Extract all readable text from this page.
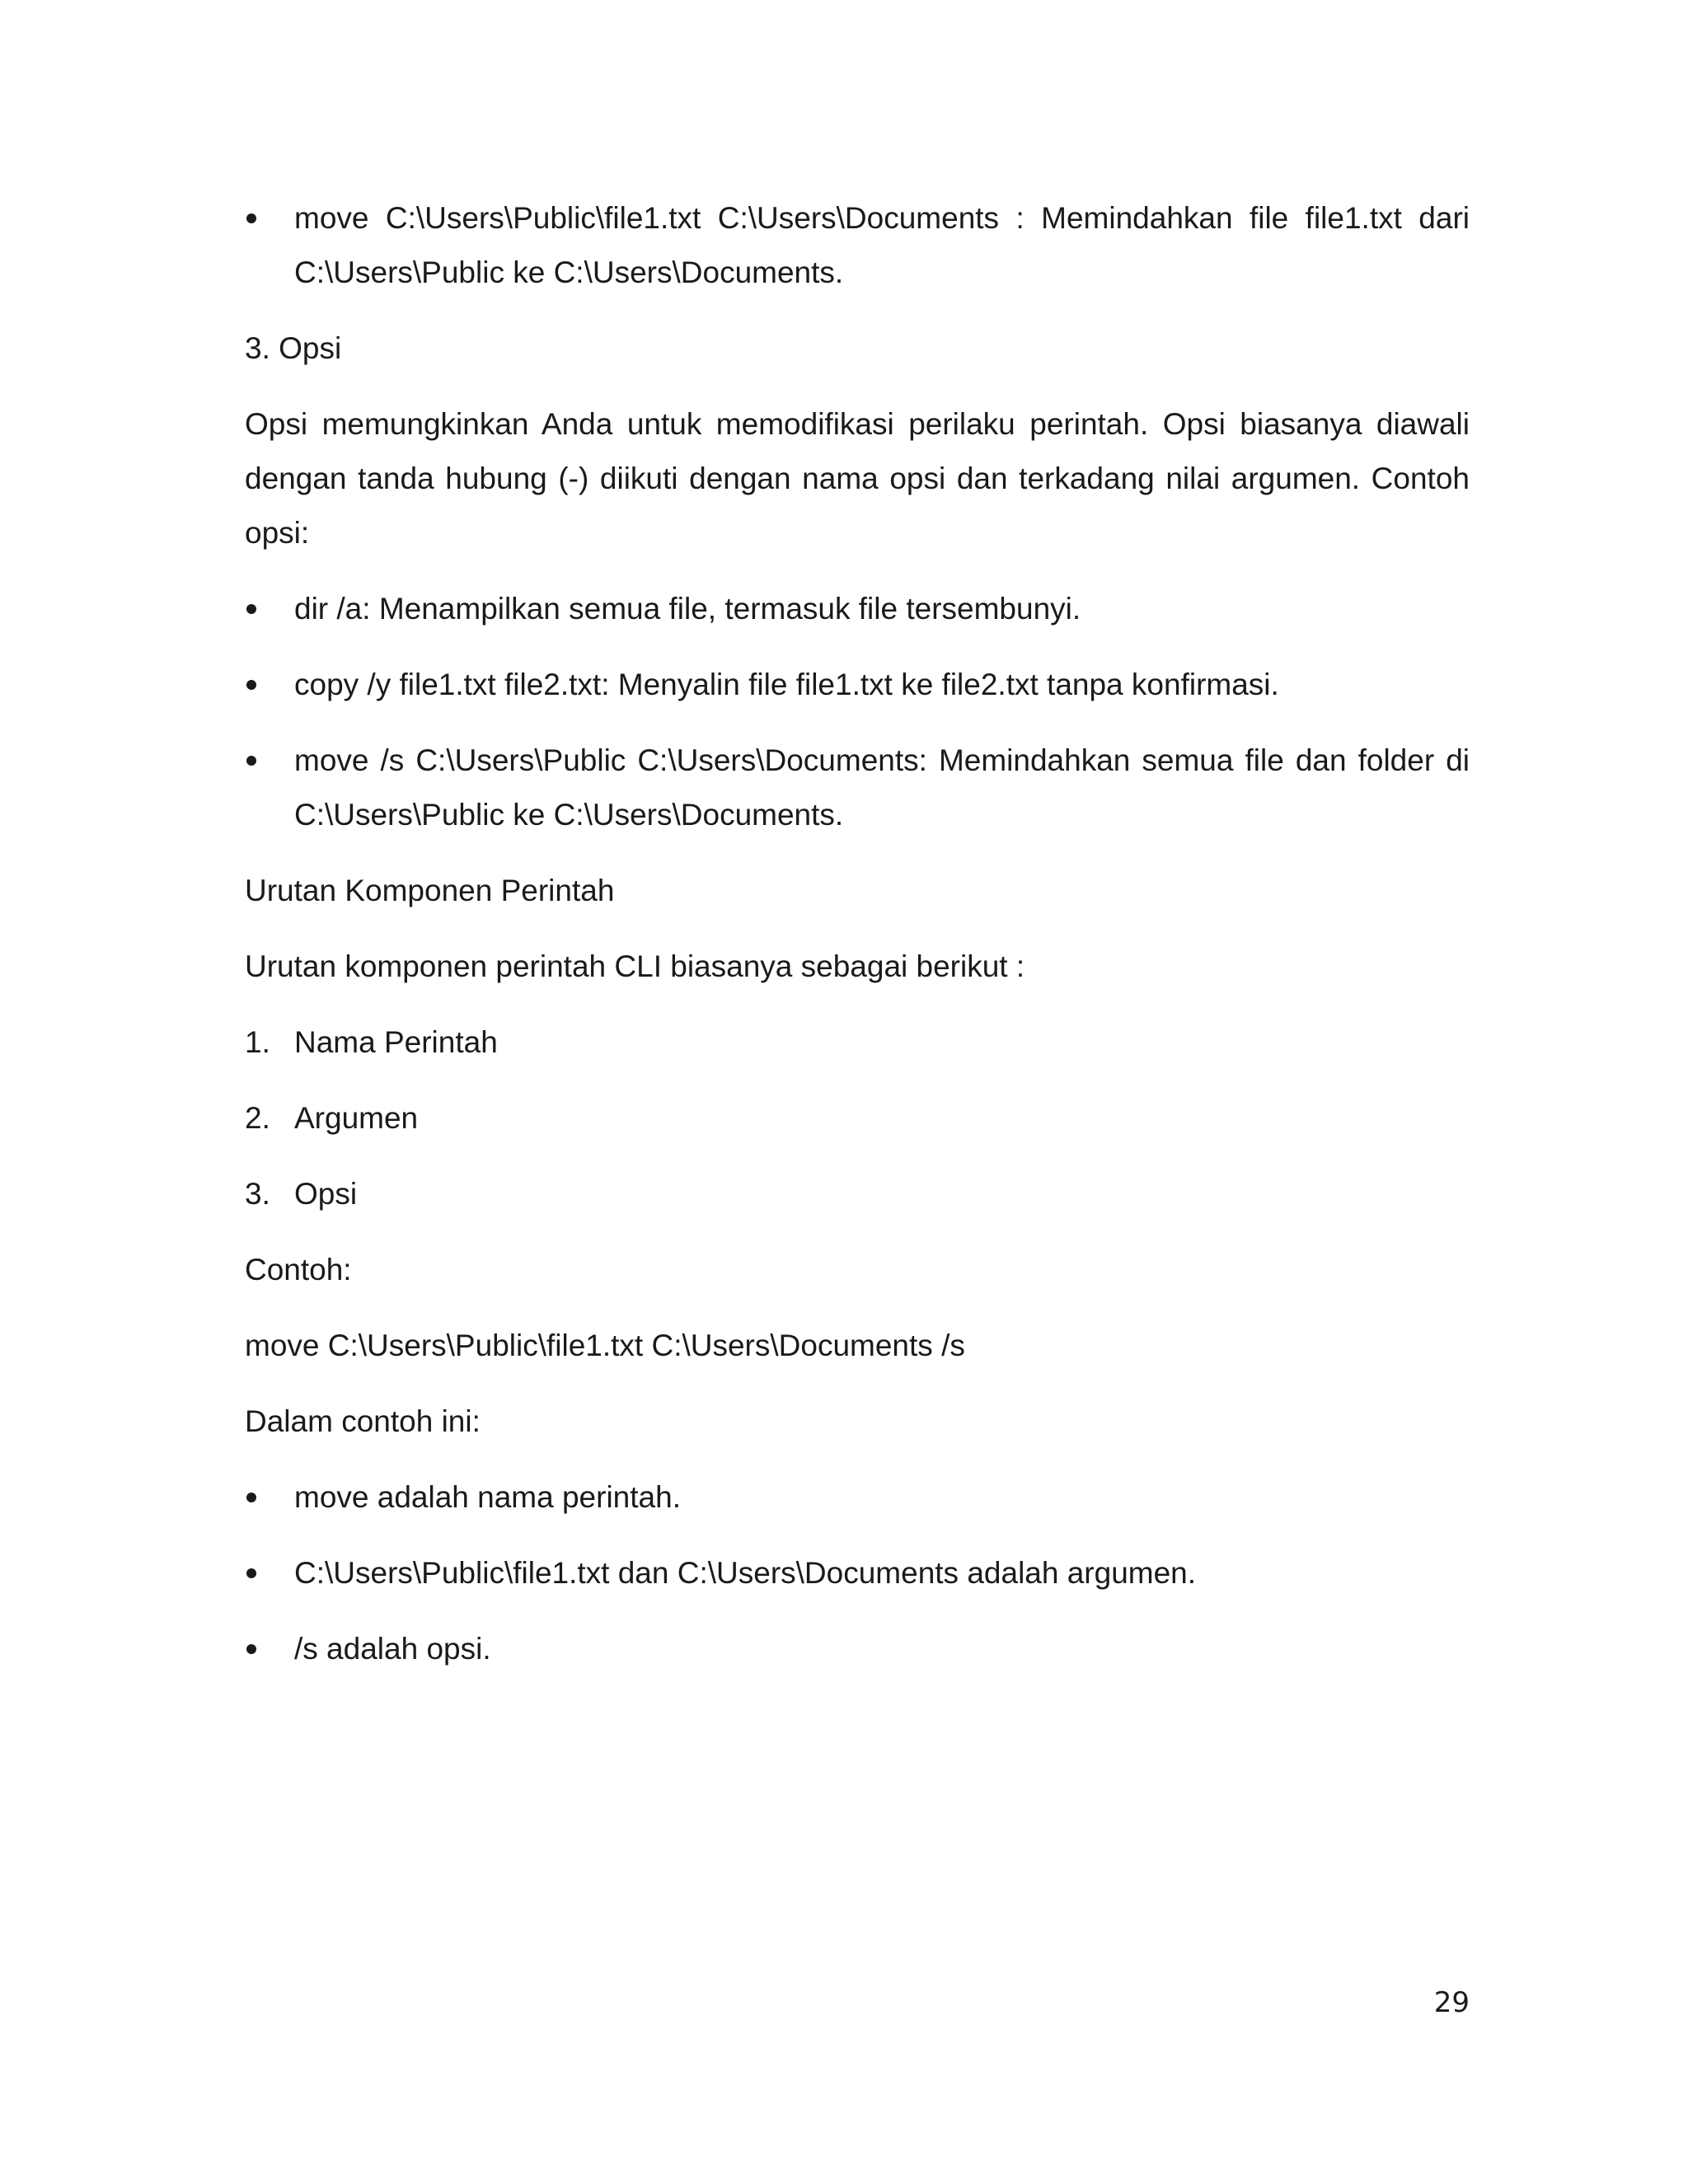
move C:\Users\Public\file1.txt C:\Users\Documents : Memindahkan file file1.txt dari C:\Users\Public ke C:\Users\Documents.
3. Opsi
Opsi memungkinkan Anda untuk memodifikasi perilaku perintah. Opsi biasanya diawali dengan tanda hubung (-) diikuti dengan nama opsi dan terkadang nilai argumen. Contoh opsi:
dir /a: Menampilkan semua file, termasuk file tersembunyi.
copy /y file1.txt file2.txt: Menyalin file file1.txt ke file2.txt tanpa konfirmasi.
move /s C:\Users\Public C:\Users\Documents: Memindahkan semua file dan folder di C:\Users\Public ke C:\Users\Documents.
Urutan Komponen Perintah
Urutan komponen perintah CLI biasanya sebagai berikut :
1. Nama Perintah
2. Argumen
3. Opsi
Contoh:
move C:\Users\Public\file1.txt C:\Users\Documents /s
Dalam contoh ini:
move adalah nama perintah.
C:\Users\Public\file1.txt dan C:\Users\Documents adalah argumen.
/s adalah opsi.
29
